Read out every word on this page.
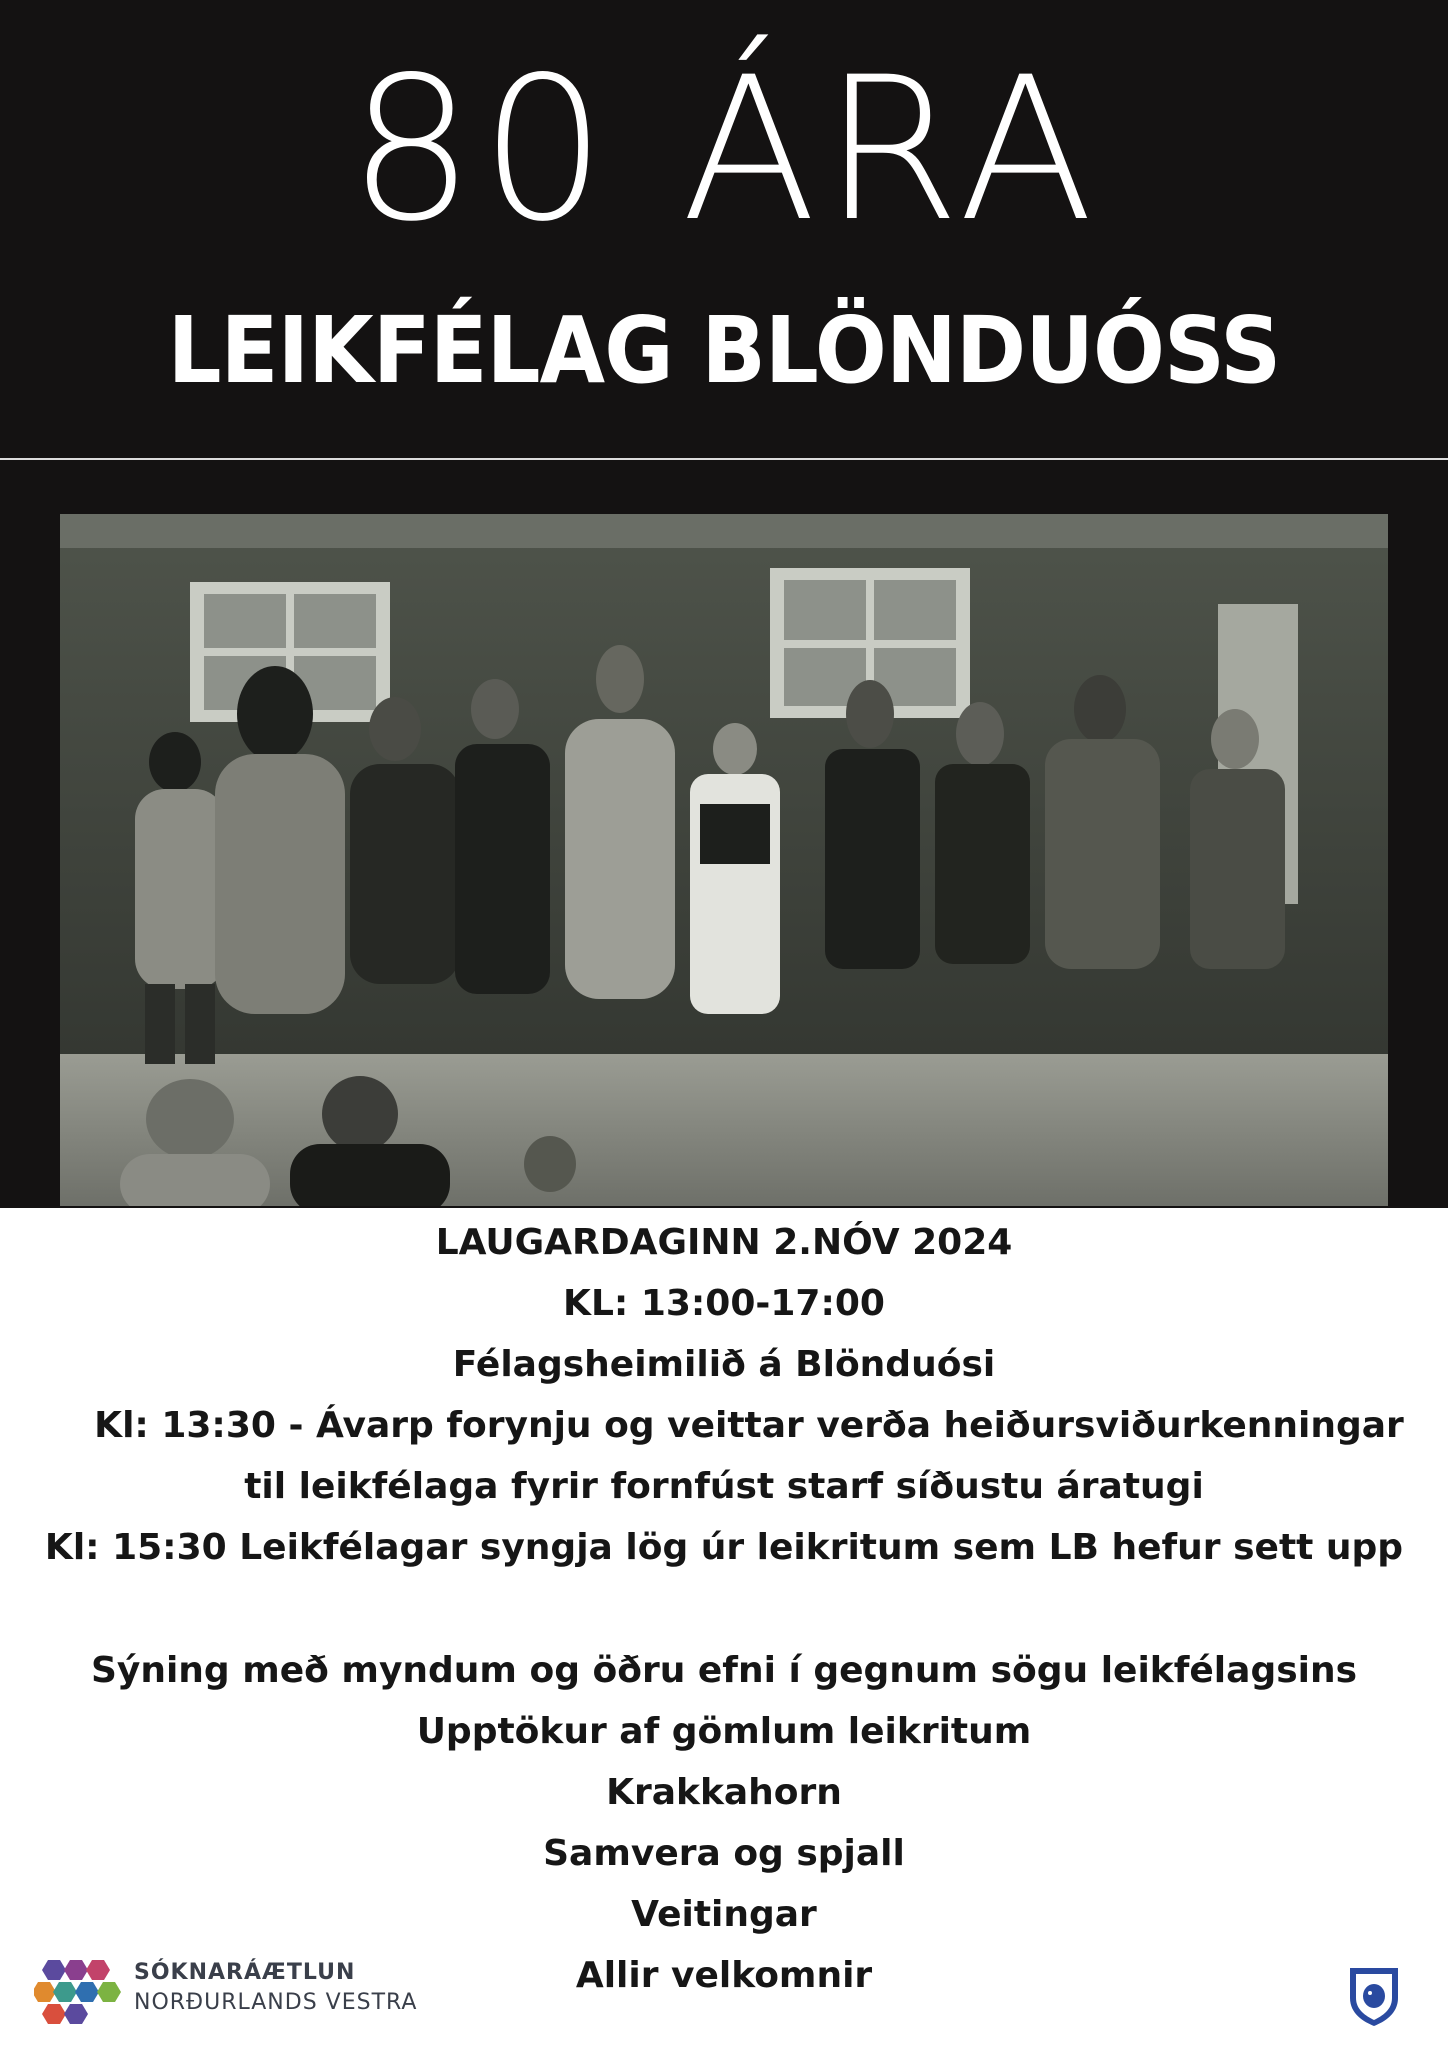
80 ÁRA
LEIKFÉLAG BLÖNDUÓSS
LAUGARDAGINN 2.NÓV 2024
KL: 13:00-17:00
Félagsheimilið á Blönduósi
Kl: 13:30 - Ávarp forynju og veittar verða heiðursviðurkenningar
til leikfélaga fyrir fornfúst starf síðustu áratugi
Kl: 15:30 Leikfélagar syngja lög úr leikritum sem LB hefur sett upp
Sýning með myndum og öðru efni í gegnum sögu leikfélagsins
Upptökur af gömlum leikritum
Krakkahorn
Samvera og spjall
Veitingar
Allir velkomnir
SÓKNARÁÆTLUN
NORÐURLANDS VESTRA
